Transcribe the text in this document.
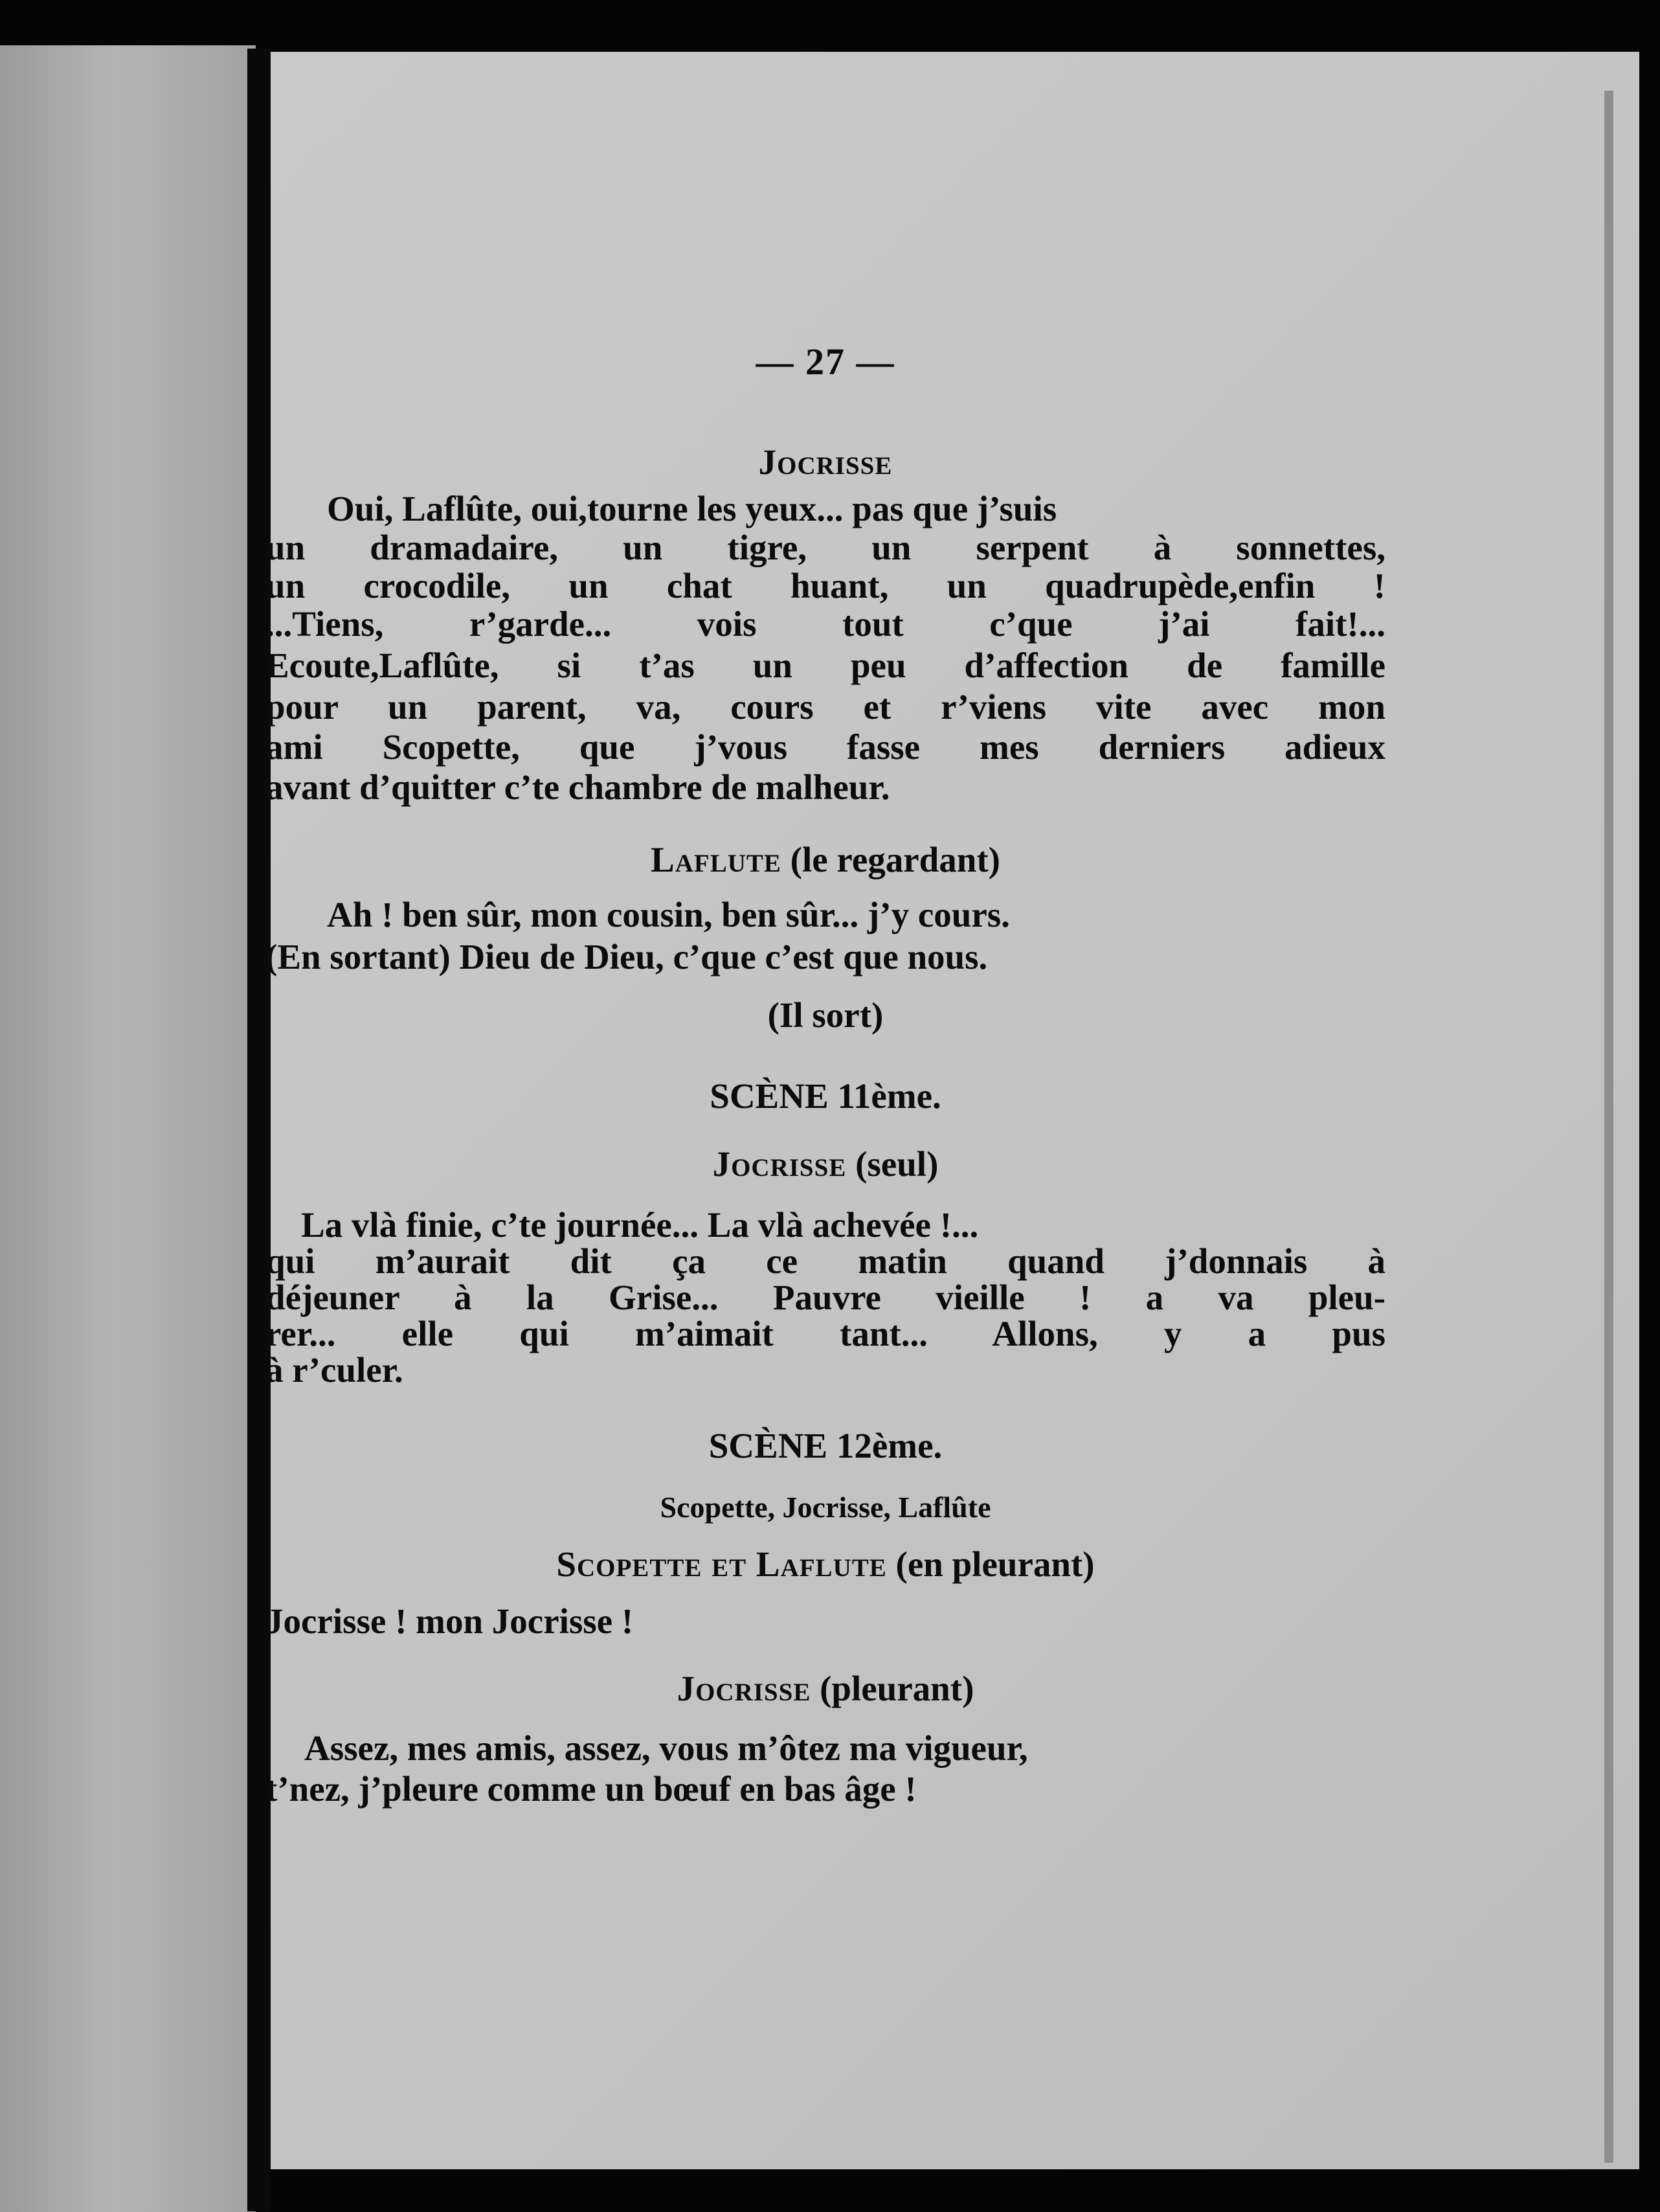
— 27 —
Jocrisse
Oui, Laflûte, oui,tourne les yeux... pas que j’suis
un dramadaire, un tigre, un serpent à sonnettes,
un crocodile, un chat huant, un quadrupède,enfin !
...Tiens, r’garde... vois tout c’que j’ai fait!...
Ecoute,Laflûte, si t’as un peu d’affection de famille
pour un parent, va, cours et r’viens vite avec mon
ami Scopette, que j’vous fasse mes derniers adieux
avant d’quitter c’te chambre de malheur.
Laflute (le regardant)
Ah ! ben sûr, mon cousin, ben sûr... j’y cours.
(En sortant) Dieu de Dieu, c’que c’est que nous.
(Il sort)
SCÈNE 11ème.
Jocrisse (seul)
La vlà finie, c’te journée... La vlà achevée !...
qui m’aurait dit ça ce matin quand j’donnais à
déjeuner à la Grise... Pauvre vieille ! a va pleu-
rer... elle qui m’aimait tant... Allons, y a pus
à r’culer.
SCÈNE 12ème.
Scopette, Jocrisse, Laflûte
Scopette et Laflute (en pleurant)
Jocrisse ! mon Jocrisse !
Jocrisse (pleurant)
Assez, mes amis, assez, vous m’ôtez ma vigueur,
t’nez, j’pleure comme un bœuf en bas âge !
